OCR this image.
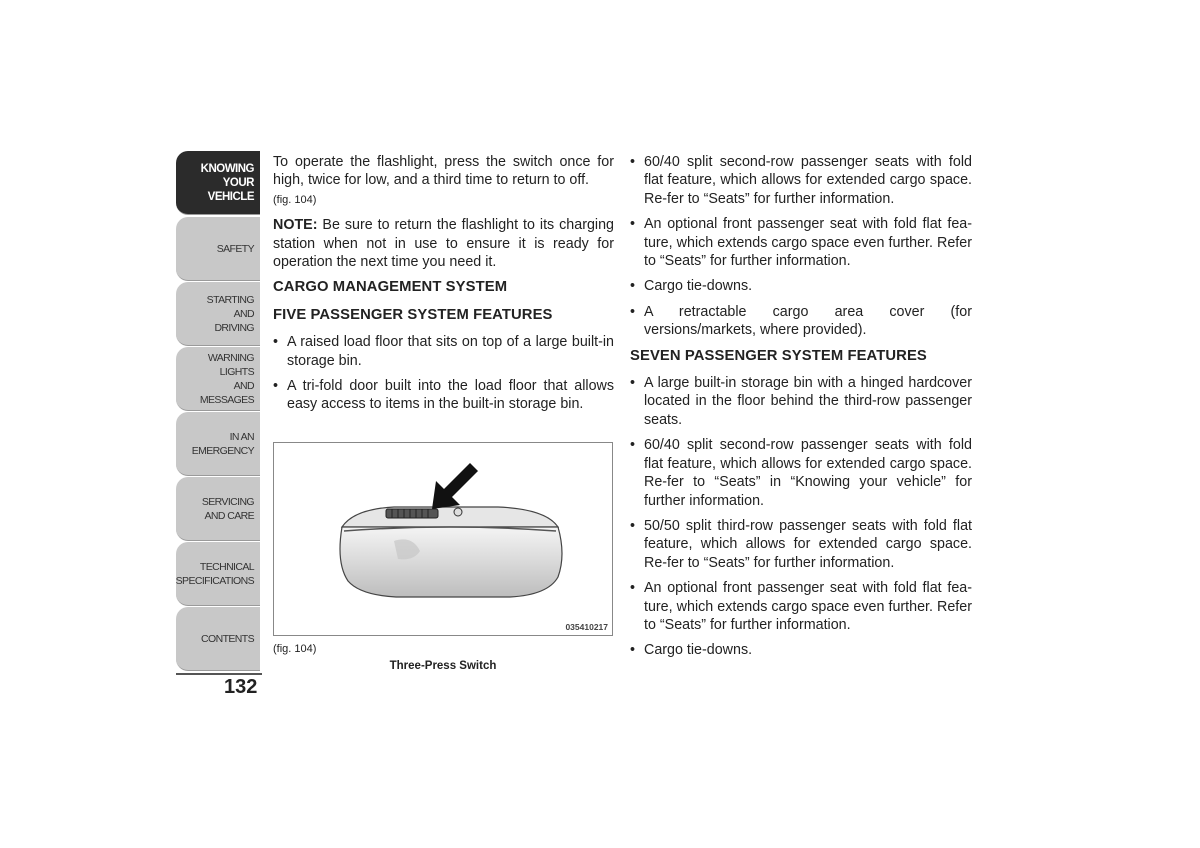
KNOWING
YOUR
VEHICLE
SAFETY
STARTING
AND
DRIVING
WARNING
LIGHTS
AND
MESSAGES
IN AN
EMERGENCY
SERVICING
AND CARE
TECHNICAL
SPECIFICATIONS
CONTENTS
132

To operate the flashlight, press the switch once for high, twice for low, and a third time to return to off.
(fig. 104)

NOTE: Be sure to return the flashlight to its charging station when not in use to ensure it is ready for operation the next time you need it.

CARGO MANAGEMENT SYSTEM
FIVE PASSENGER SYSTEM FEATURES
• A raised load floor that sits on top of a large built-in storage bin.
• A tri-fold door built into the load floor that allows easy access to items in the built-in storage bin.
035410217
(fig. 104)
Three-Press Switch
• 60/40 split second-row passenger seats with fold flat feature, which allows for extended cargo space. Re-fer to “Seats” for further information.
• An optional front passenger seat with fold flat fea-ture, which extends cargo space even further. Refer to “Seats” for further information.
• Cargo tie-downs.
• A retractable cargo area cover (for versions/markets, where provided).
SEVEN PASSENGER SYSTEM FEATURES
• A large built-in storage bin with a hinged hardcover located in the floor behind the third-row passenger seats.
• 60/40 split second-row passenger seats with fold flat feature, which allows for extended cargo space. Re-fer to “Seats” in “Knowing your vehicle” for further information.
• 50/50 split third-row passenger seats with fold flat feature, which allows for extended cargo space. Re-fer to “Seats” for further information.
• An optional front passenger seat with fold flat fea-ture, which extends cargo space even further. Refer to “Seats” for further information.
• Cargo tie-downs.
